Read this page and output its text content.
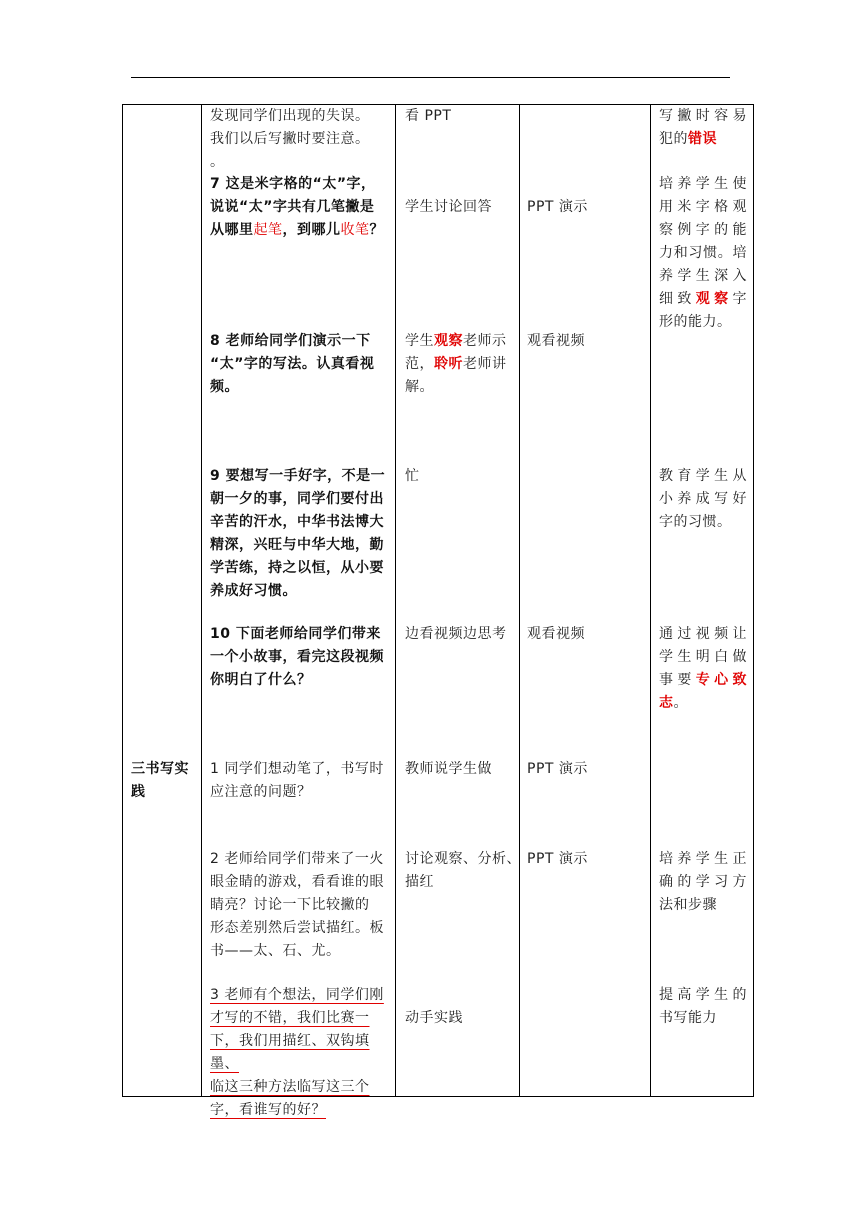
三书写实践
发现同学们出现的失误。
我们以后写撇时要注意。
。
7 这是米字格的“太”字，
说说“太”字共有几笔撇是
从哪里起笔，到哪儿收笔？
8 老师给同学们演示一下
“太”字的写法。认真看视
频。
9 要想写一手好字，不是一
朝一夕的事，同学们要付出
辛苦的汗水，中华书法博大
精深，兴旺与中华大地，勤
学苦练，持之以恒，从小要
养成好习惯。
10 下面老师给同学们带来
一个小故事，看完这段视频
你明白了什么？
1 同学们想动笔了，书写时
应注意的问题？
2 老师给同学们带来了一火
眼金睛的游戏，看看谁的眼
睛亮？讨论一下比较撇的
形态差别然后尝试描红。板
书——太、石、尤。
3 老师有个想法，同学们刚
才写的不错，我们比赛一
下，我们用描红、双钩填墨、
临这三种方法临写这三个
字，看谁写的好？
看 PPT
学生讨论回答
学生观察老师示
范，聆听老师讲
解。
忙
边看视频边思考
教师说学生做
讨论观察、分析、
描红
动手实践
PPT 演示
观看视频
观看视频
PPT 演示
PPT 演示
写撇时容易
犯的错误
培养学生使
用米字格观
察例字的能
力和习惯。培
养学生深入
细致观察字
形的能力。
教育学生从
小养成写好
字的习惯。
通过视频让
学生明白做
事要专心致
志。
培养学生正
确的学习方
法和步骤
提高学生的
书写能力
